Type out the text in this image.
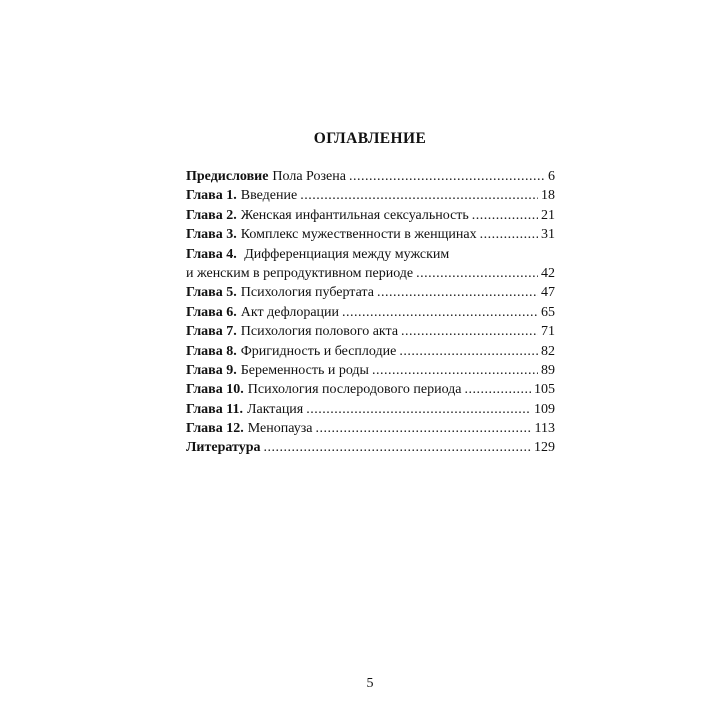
ОГЛАВЛЕНИЕ
Предисловие Пола Розена .....	6
Глава 1. Введение .....	18
Глава 2. Женская инфантильная сексуальность .....	21
Глава 3. Комплекс мужественности в женщинах .....	31
Глава 4. Дифференциация между мужским
и женским в репродуктивном периоде .....	42
Глава 5. Психология пубертата .....	47
Глава 6. Акт дефлорации .....	65
Глава 7. Психология полового акта .....	71
Глава 8. Фригидность и бесплодие .....	82
Глава 9. Беременность и роды .....	89
Глава 10. Психология послеродового периода .....	105
Глава 11. Лактация .....	109
Глава 12. Менопауза .....	113
Литература .....	129
5
